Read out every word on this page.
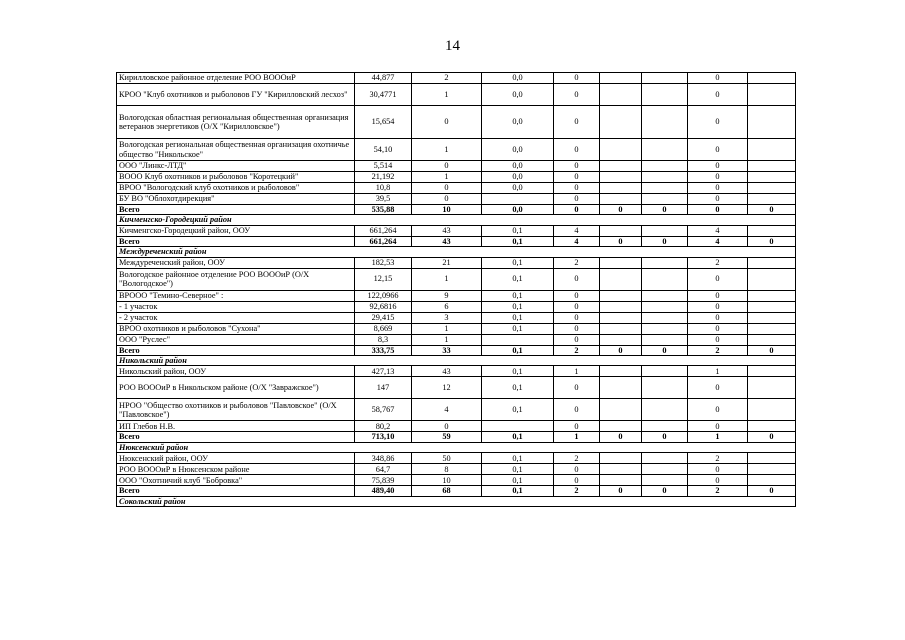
14
Кирилловское районное отделение РОО ВОООиР	44,877	2	0,0	0			0	
КРОО "Клуб охотников и рыболовов ГУ "Кирилловский лесхоз"	30,4771	1	0,0	0			0	
Вологодская областная региональная общественная организация ветеранов энергетиков (О/Х "Кирилловское")	15,654	0	0,0	0			0	
Вологодская региональная общественная организация охотничье общество "Никольское"	54,10	1	0,0	0			0	
ООО "Линкс-ЛТД"	5,514	0	0,0	0			0	
ВООО Клуб охотников и рыболовов "Коротецкий"	21,192	1	0,0	0			0	
ВРОО "Вологодский клуб охотников и рыболовов"	10,8	0	0,0	0			0	
БУ ВО "Облохотдирекция"	39,5	0		0			0	
Всего	535,88	10	0,0	0	0	0	0	0
Кичменгско-Городецкий район								
Кичменгско-Городецкий район, ООУ	661,264	43	0,1	4			4	
Всего	661,264	43	0,1	4	0	0	4	0
Междуреченский район								
Междуреченский район, ООУ	182,53	21	0,1	2			2	
Вологодское районное отделение РОО ВОООиР (О/Х "Вологодское")	12,15	1	0,1	0			0	
ВРООО "Темино-Северное" :	122,0966	9	0,1	0			0	
- 1 участок	92,6816	6	0,1	0			0	
- 2 участок	29,415	3	0,1	0			0	
ВРОО охотников и рыболовов "Сухона"	8,669	1	0,1	0			0	
ООО "Руслес"	8,3	1		0			0	
Всего	333,75	33	0,1	2	0	0	2	0
Никольский район								
Никольский район, ООУ	427,13	43	0,1	1			1	
РОО ВОООиР в Никольском районе (О/Х "Завражское")	147	12	0,1	0			0	
НРОО "Общество охотников и рыболовов "Павловское" (О/Х "Павловское")	58,767	4	0,1	0			0	
ИП Глебов Н.В.	80,2	0		0			0	
Всего	713,10	59	0,1	1	0	0	1	0
Нюксенский район								
Нюксенский район, ООУ	348,86	50	0,1	2			2	
РОО ВОООиР в Нюксенском районе	64,7	8	0,1	0			0	
ООО "Охотничий клуб "Бобровка"	75,839	10	0,1	0			0	
Всего	489,40	68	0,1	2	0	0	2	0
Сокольский район								
